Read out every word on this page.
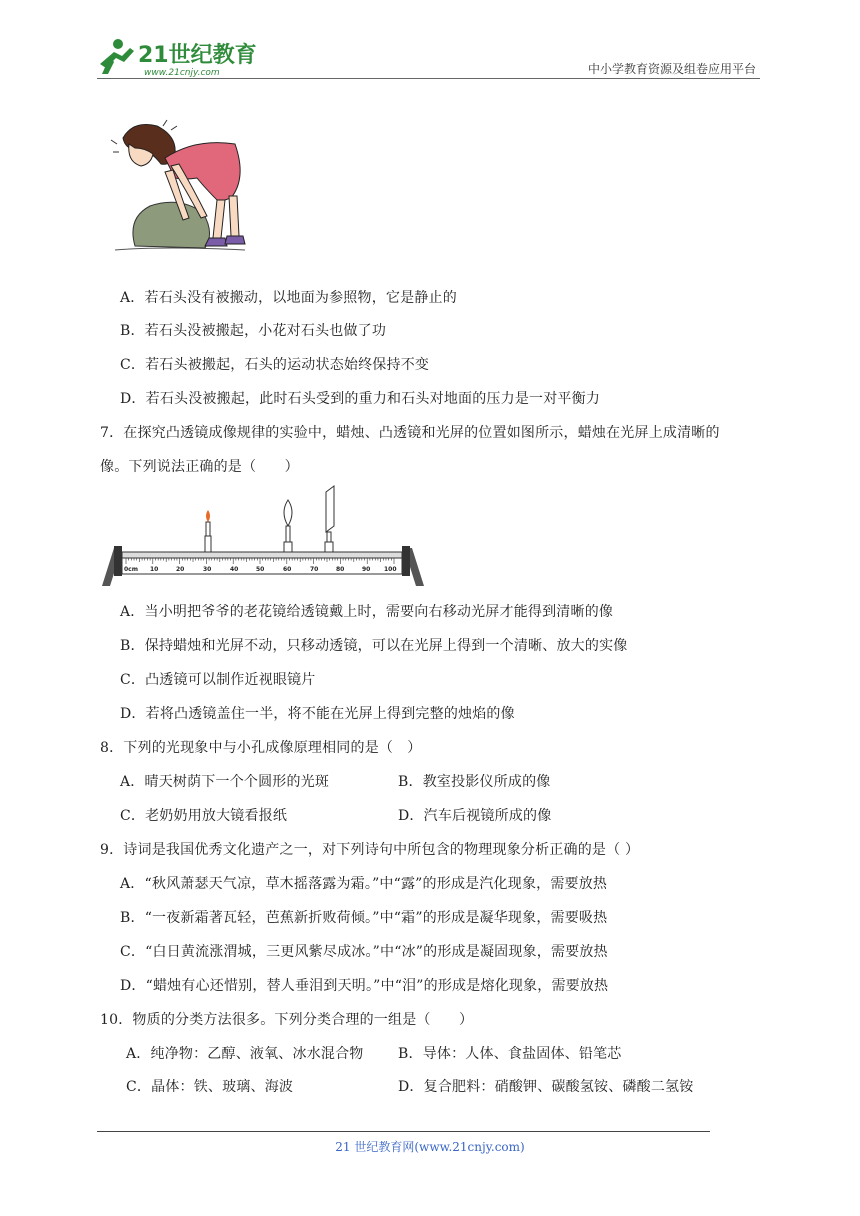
21世纪教育
www.21cnjy.com	中小学教育资源及组卷应用平台
A．若石头没有被搬动，以地面为参照物，它是静止的
B．若石头没被搬起，小花对石头也做了功
C．若石头被搬起，石头的运动状态始终保持不变
D．若石头没被搬起，此时石头受到的重力和石头对地面的压力是一对平衡力
7．在探究凸透镜成像规律的实验中，蜡烛、凸透镜和光屏的位置如图所示，蜡烛在光屏上成清晰的
像。下列说法正确的是（　　）
0cm 10	20	30	40	50	60	70	80	90 100
A．当小明把爷爷的老花镜给透镜戴上时，需要向右移动光屏才能得到清晰的像
B．保持蜡烛和光屏不动，只移动透镜，可以在光屏上得到一个清晰、放大的实像
C．凸透镜可以制作近视眼镜片
D．若将凸透镜盖住一半，将不能在光屏上得到完整的烛焰的像
8．下列的光现象中与小孔成像原理相同的是（　）
A．晴天树荫下一个个圆形的光斑	B．教室投影仪所成的像
C．老奶奶用放大镜看报纸	D．汽车后视镜所成的像
9．诗词是我国优秀文化遗产之一，对下列诗句中所包含的物理现象分析正确的是（ ）
A．“秋风萧瑟天气凉，草木摇落露为霜。”中“露”的形成是汽化现象，需要放热
B．“一夜新霜著瓦轻，芭蕉新折败荷倾。”中“霜”的形成是凝华现象，需要吸热
C．“白日黄流涨渭城，三更风紫尽成冰。”中“冰”的形成是凝固现象，需要放热
D．“蜡烛有心还惜别，替人垂泪到天明。”中“泪”的形成是熔化现象，需要放热
10．物质的分类方法很多。下列分类合理的一组是（　　）
A．纯净物：乙醇、液氧、冰水混合物 B．导体：人体、食盐固体、铅笔芯
C．晶体：铁、玻璃、海波	D．复合肥料：硝酸钾、碳酸氢铵、磷酸二氢铵
21 世纪教育网(www.21cnjy.com)
